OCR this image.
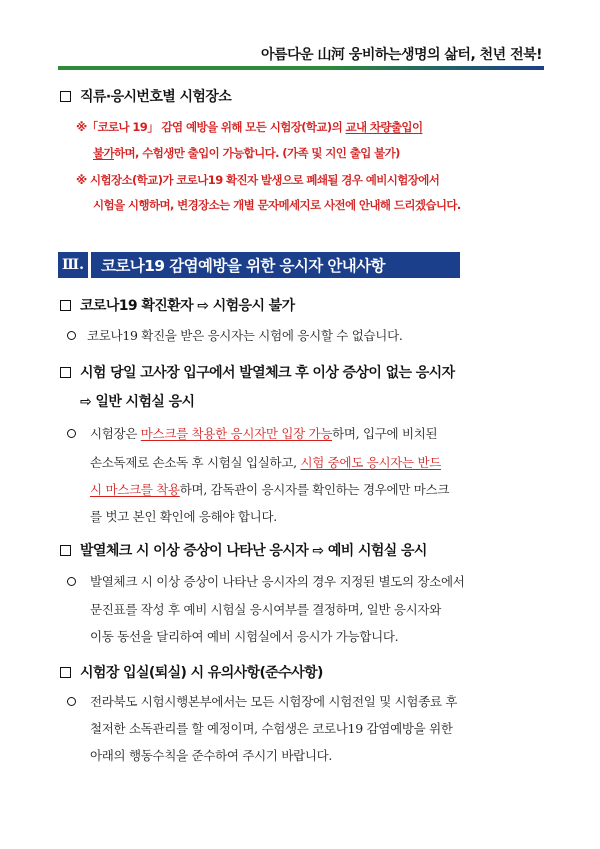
아름다운 山河 웅비하는생명의 삶터, 천년 전북!
직류·응시번호별 시험장소
※「코로나 19」 감염 예방을 위해 모든 시험장(학교)의 교내 차량출입이
불가하며, 수험생만 출입이 가능합니다. (가족 및 지인 출입 불가)
※ 시험장소(학교)가 코로나19 확진자 발생으로 폐쇄될 경우 예비시험장에서
시험을 시행하며, 변경장소는 개별 문자메세지로 사전에 안내해 드리겠습니다.
Ⅲ.	코로나19 감염예방을 위한 응시자 안내사항
코로나19 확진환자 ⇨ 시험응시 불가
코로나19 확진을 받은 응시자는 시험에 응시할 수 없습니다.
시험 당일 고사장 입구에서 발열체크 후 이상 증상이 없는 응시자
⇨ 일반 시험실 응시
시험장은 마스크를 착용한 응시자만 입장 가능하며, 입구에 비치된
손소독제로 손소독 후 시험실 입실하고, 시험 중에도 응시자는 반드
시 마스크를 착용하며, 감독관이 응시자를 확인하는 경우에만 마스크
를 벗고 본인 확인에 응해야 합니다.
발열체크 시 이상 증상이 나타난 응시자 ⇨ 예비 시험실 응시
발열체크 시 이상 증상이 나타난 응시자의 경우 지정된 별도의 장소에서
문진표를 작성 후 예비 시험실 응시여부를 결정하며, 일반 응시자와
이동 동선을 달리하여 예비 시험실에서 응시가 가능합니다.
시험장 입실(퇴실) 시 유의사항(준수사항)
전라북도 시험시행본부에서는 모든 시험장에 시험전일 및 시험종료 후
철저한 소독관리를 할 예정이며, 수험생은 코로나19 감염예방을 위한
아래의 행동수칙을 준수하여 주시기 바랍니다.
